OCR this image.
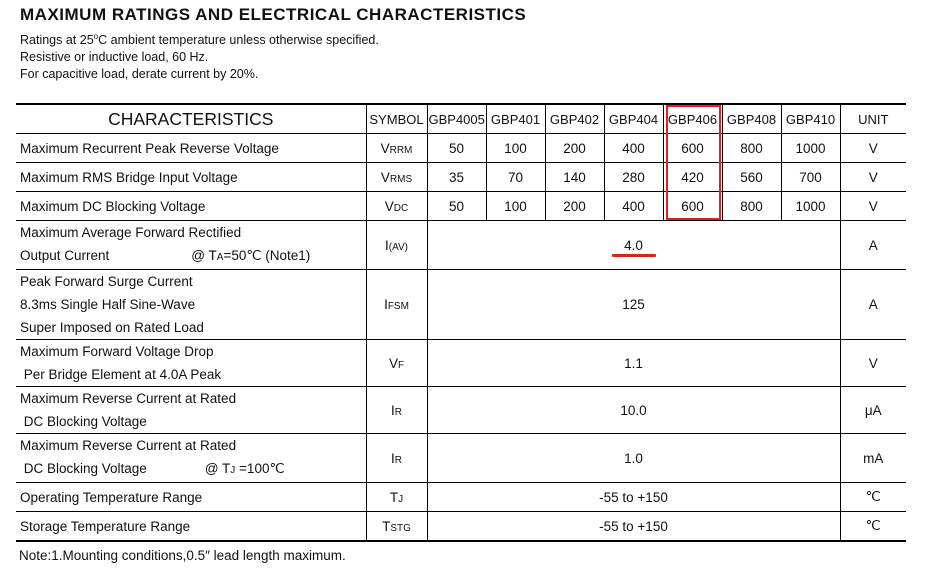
MAXIMUM RATINGS AND ELECTRICAL CHARACTERISTICS
Ratings at 25$^o$C ambient temperature unless otherwise specified.
Resistive or inductive load, 60 Hz.
For capacitive load, derate current by 20%.
CHARACTERISTICS	SYMBOL	GBP4005	GBP401	GBP402	GBP404	GBP406	GBP408	GBP410	UNIT
Maximum Recurrent Peak Reverse Voltage	VRRM	50	100	200	400	600	800	1000	V
Maximum RMS Bridge Input Voltage	VRMS	35	70	140	280	420	560	700	V
Maximum DC Blocking Voltage	VDC	50	100	200	400	600	800	1000	V

Maximum Average Forward Rectified
Output Current @ TA=50℃ (Note1)	I(AV)	4.0							A

Peak Forward Surge Current
8.3ms Single Half Sine-Wave
Super Imposed on Rated Load	IFSM	125							A

Maximum Forward Voltage Drop
Per Bridge Element at 4.0A Peak	VF	1.1							V

Maximum Reverse Current at Rated
DC Blocking Voltage	IR	10.0							μA

Maximum Reverse Current at Rated
DC Blocking Voltage @ TJ =100℃	IR	1.0							mA
Operating Temperature Range	TJ	-55 to +150							℃
Storage Temperature Range	TSTG	-55 to +150							℃
Note:1.Mounting conditions,0.5″ lead length maximum.
